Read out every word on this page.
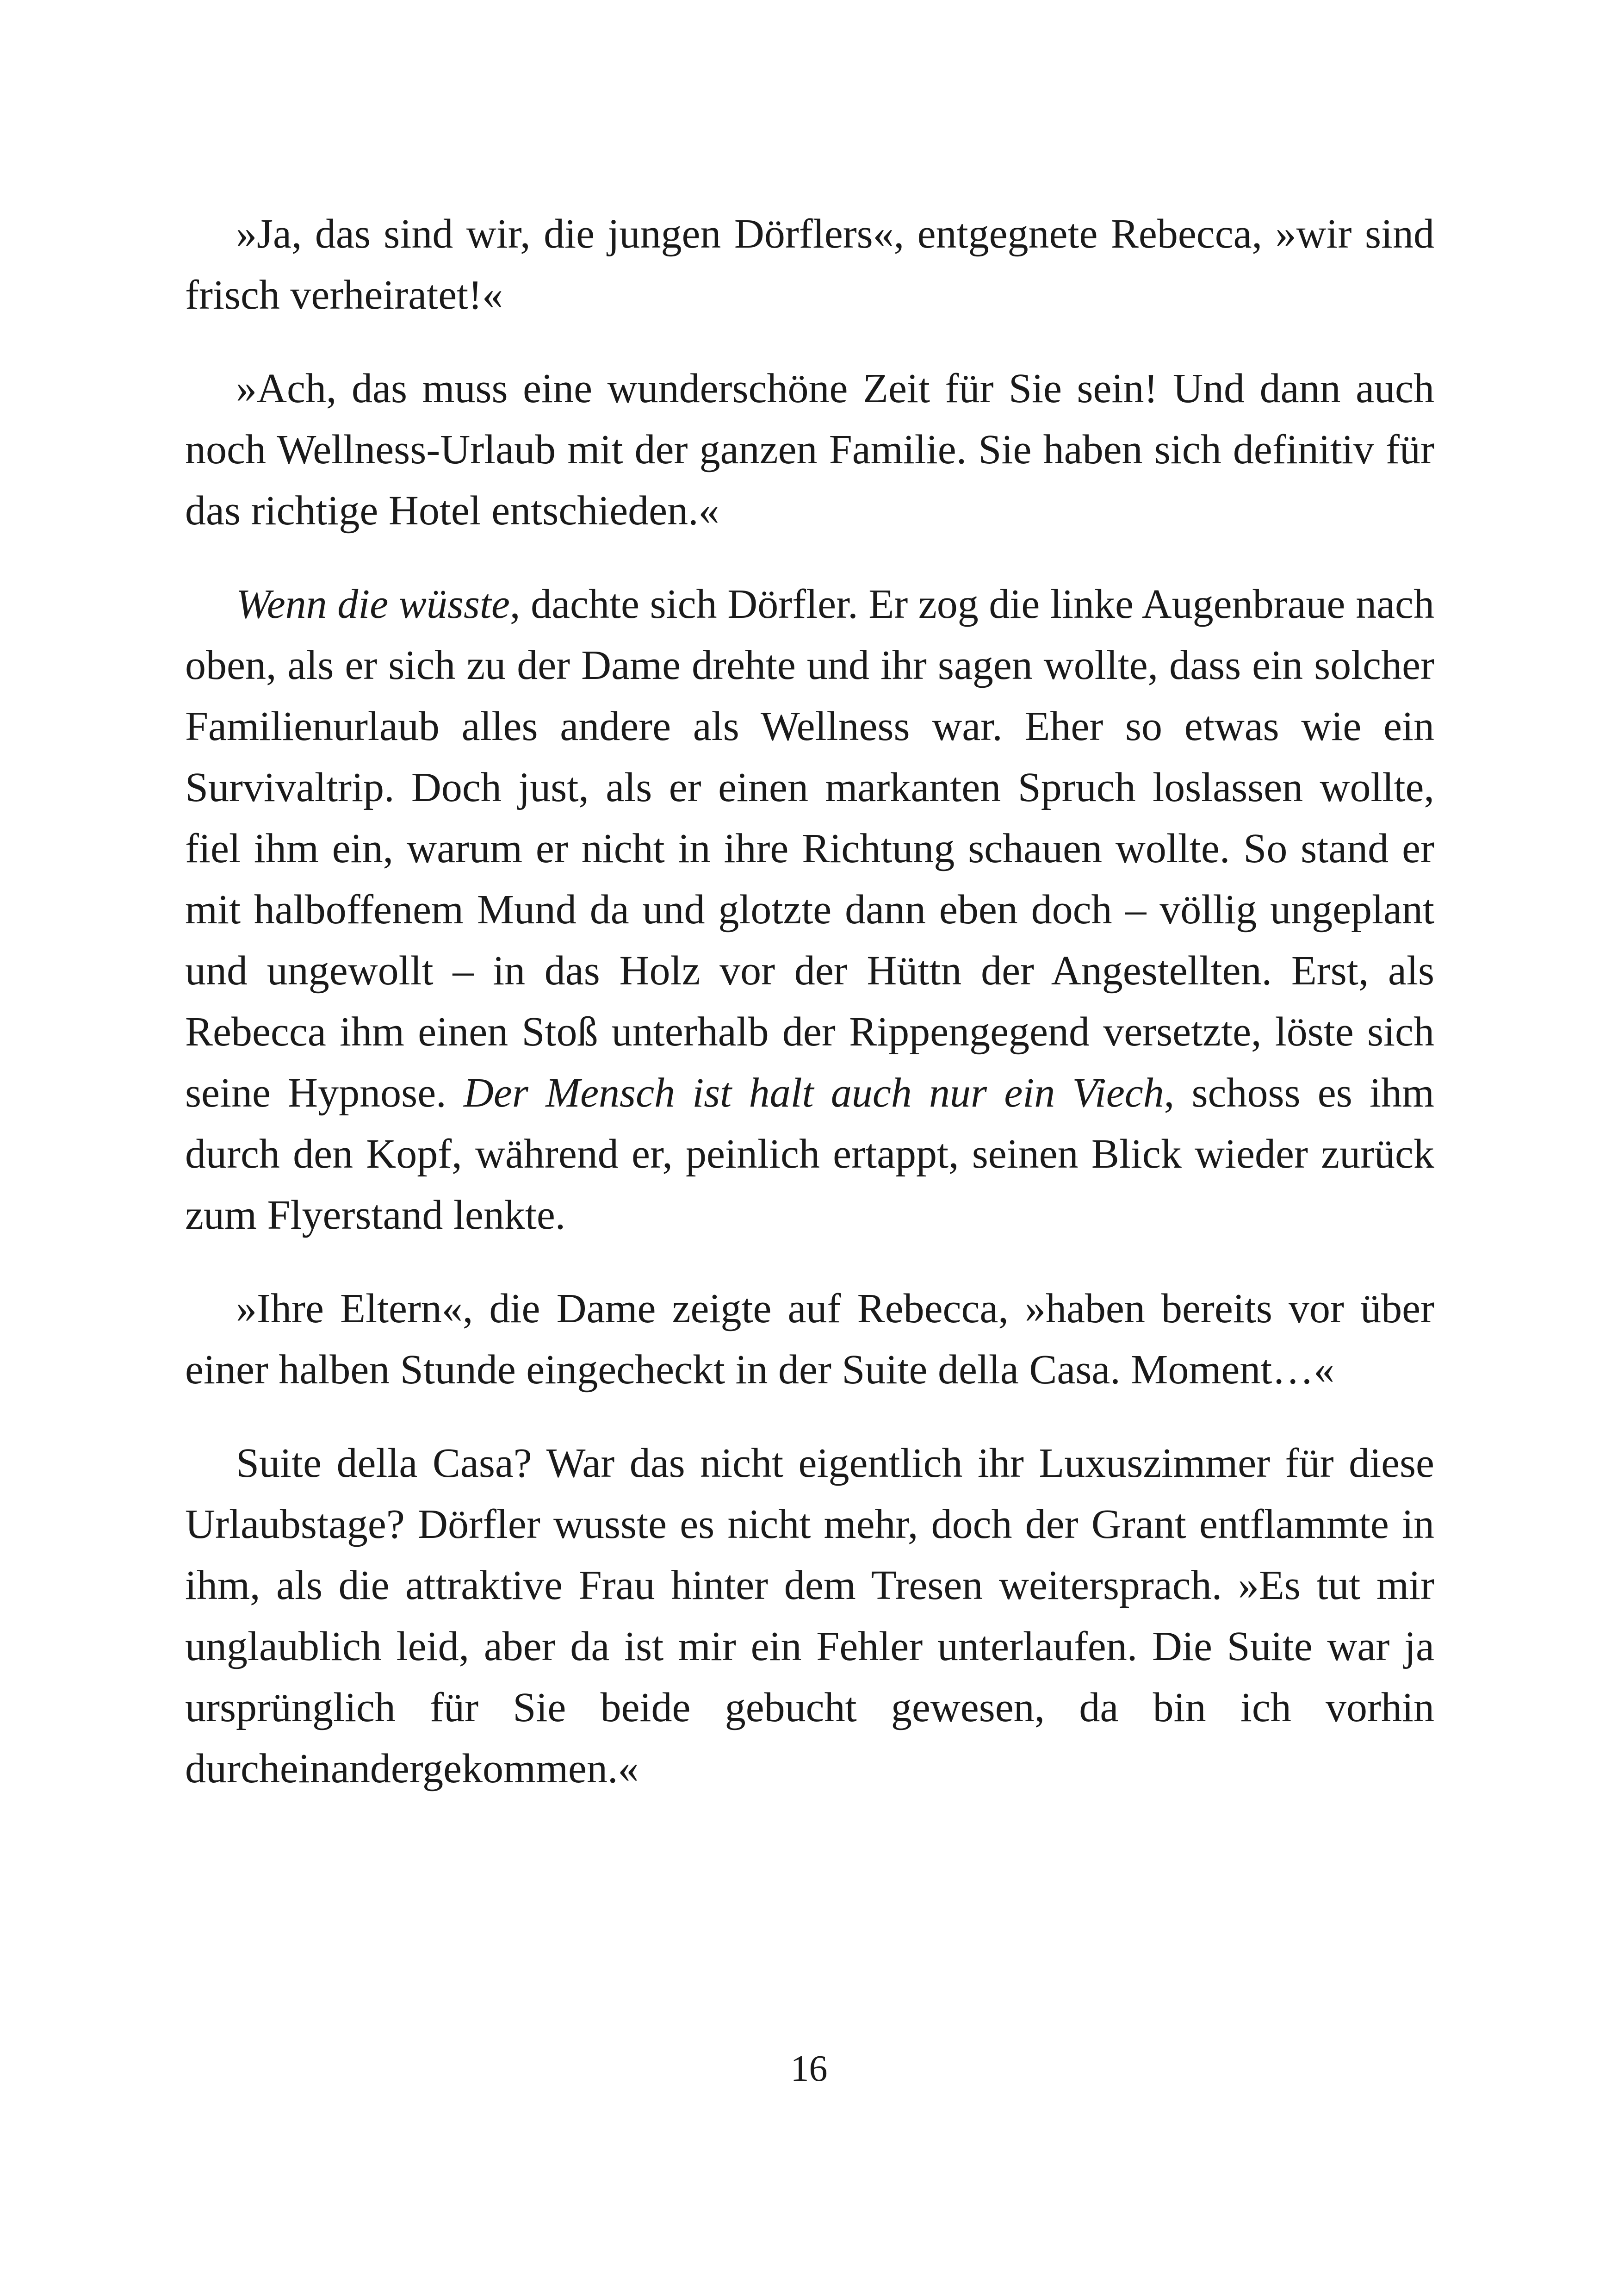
»Ja, das sind wir, die jungen Dörflers«, entgegnete Rebecca, »wir sind frisch verheiratet!«

»Ach, das muss eine wunderschöne Zeit für Sie sein! Und dann auch noch Wellness-Urlaub mit der ganzen Familie. Sie haben sich definitiv für das richtige Hotel entschieden.«

Wenn die wüsste, dachte sich Dörfler. Er zog die linke Augenbraue nach oben, als er sich zu der Dame drehte und ihr sagen wollte, dass ein solcher Familienurlaub alles andere als Wellness war. Eher so etwas wie ein Survivaltrip. Doch just, als er einen markanten Spruch loslassen wollte, fiel ihm ein, warum er nicht in ihre Richtung schauen wollte. So stand er mit halboffenem Mund da und glotzte dann eben doch – völlig ungeplant und ungewollt – in das Holz vor der Hüttn der Angestellten. Erst, als Rebecca ihm einen Stoß unterhalb der Rippengegend versetzte, löste sich seine Hypnose. Der Mensch ist halt auch nur ein Viech, schoss es ihm durch den Kopf, während er, peinlich ertappt, seinen Blick wieder zurück zum Flyerstand lenkte.

»Ihre Eltern«, die Dame zeigte auf Rebecca, »haben bereits vor über einer halben Stunde eingecheckt in der Suite della Casa. Moment…«

Suite della Casa? War das nicht eigentlich ihr Luxuszimmer für diese Urlaubstage? Dörfler wusste es nicht mehr, doch der Grant entflammte in ihm, als die attraktive Frau hinter dem Tresen weitersprach. »Es tut mir unglaublich leid, aber da ist mir ein Fehler unterlaufen. Die Suite war ja ursprünglich für Sie beide gebucht gewesen, da bin ich vorhin durcheinandergekommen.«

16
